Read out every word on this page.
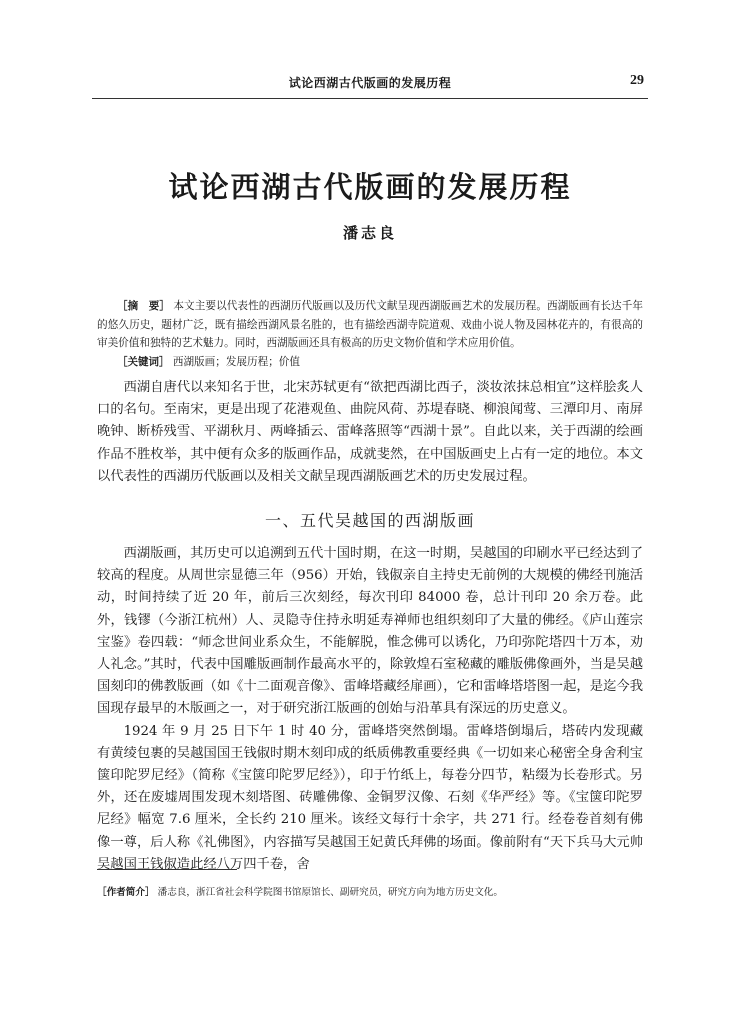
试论西湖古代版画的发展历程	29
试论西湖古代版画的发展历程
潘志良

［摘　要］ 本文主要以代表性的西湖历代版画以及历代文献呈现西湖版画艺术的发展历程。西湖版画有长达千年的悠久历史，题材广泛，既有描绘西湖风景名胜的，也有描绘西湖寺院道观、戏曲小说人物及园林花卉的，有很高的审美价值和独特的艺术魅力。同时，西湖版画还具有极高的历史文物价值和学术应用价值。

［关键词］ 西湖版画；发展历程；价值

西湖自唐代以来知名于世，北宋苏轼更有“欲把西湖比西子，淡妆浓抹总相宜”这样脍炙人口的名句。至南宋，更是出现了花港观鱼、曲院风荷、苏堤春晓、柳浪闻莺、三潭印月、南屏晚钟、断桥残雪、平湖秋月、两峰插云、雷峰落照等“西湖十景”。自此以来，关于西湖的绘画作品不胜枚举，其中便有众多的版画作品，成就斐然，在中国版画史上占有一定的地位。本文以代表性的西湖历代版画以及相关文献呈现西湖版画艺术的历史发展过程。

一、五代吴越国的西湖版画

西湖版画，其历史可以追溯到五代十国时期，在这一时期，吴越国的印刷水平已经达到了较高的程度。从周世宗显德三年（956）开始，钱俶亲自主持史无前例的大规模的佛经刊施活动，时间持续了近 20 年，前后三次刻经，每次刊印 84000 卷，总计刊印 20 余万卷。此外，钱镠（今浙江杭州）人、灵隐寺住持永明延寿禅师也组织刻印了大量的佛经。《庐山莲宗宝鉴》卷四载：“师念世间业系众生，不能解脱，惟念佛可以诱化，乃印弥陀塔四十万本，劝人礼念。”其时，代表中国雕版画制作最高水平的，除敦煌石室秘藏的雕版佛像画外，当是吴越国刻印的佛教版画（如《十二面观音像》、雷峰塔藏经扉画），它和雷峰塔塔图一起，是迄今我国现存最早的木版画之一，对于研究浙江版画的创始与沿革具有深远的历史意义。

1924 年 9 月 25 日下午 1 时 40 分，雷峰塔突然倒塌。雷峰塔倒塌后，塔砖内发现藏有黄绫包裹的吴越国国王钱俶时期木刻印成的纸质佛教重要经典《一切如来心秘密全身舍利宝箧印陀罗尼经》（简称《宝箧印陀罗尼经》），印于竹纸上，每卷分四节，粘缀为长卷形式。另外，还在废墟周围发现木刻塔图、砖雕佛像、金铜罗汉像、石刻《华严经》等。《宝箧印陀罗尼经》幅宽 7.6 厘米，全长约 210 厘米。该经文每行十余字，共 271 行。经卷卷首刻有佛像一尊，后人称《礼佛图》，内容描写吴越国王妃黄氏拜佛的场面。像前附有“天下兵马大元帅吴越国王钱俶造此经八万四千卷，舍

［作者简介］ 潘志良，浙江省社会科学院图书馆原馆长、副研究员，研究方向为地方历史文化。
